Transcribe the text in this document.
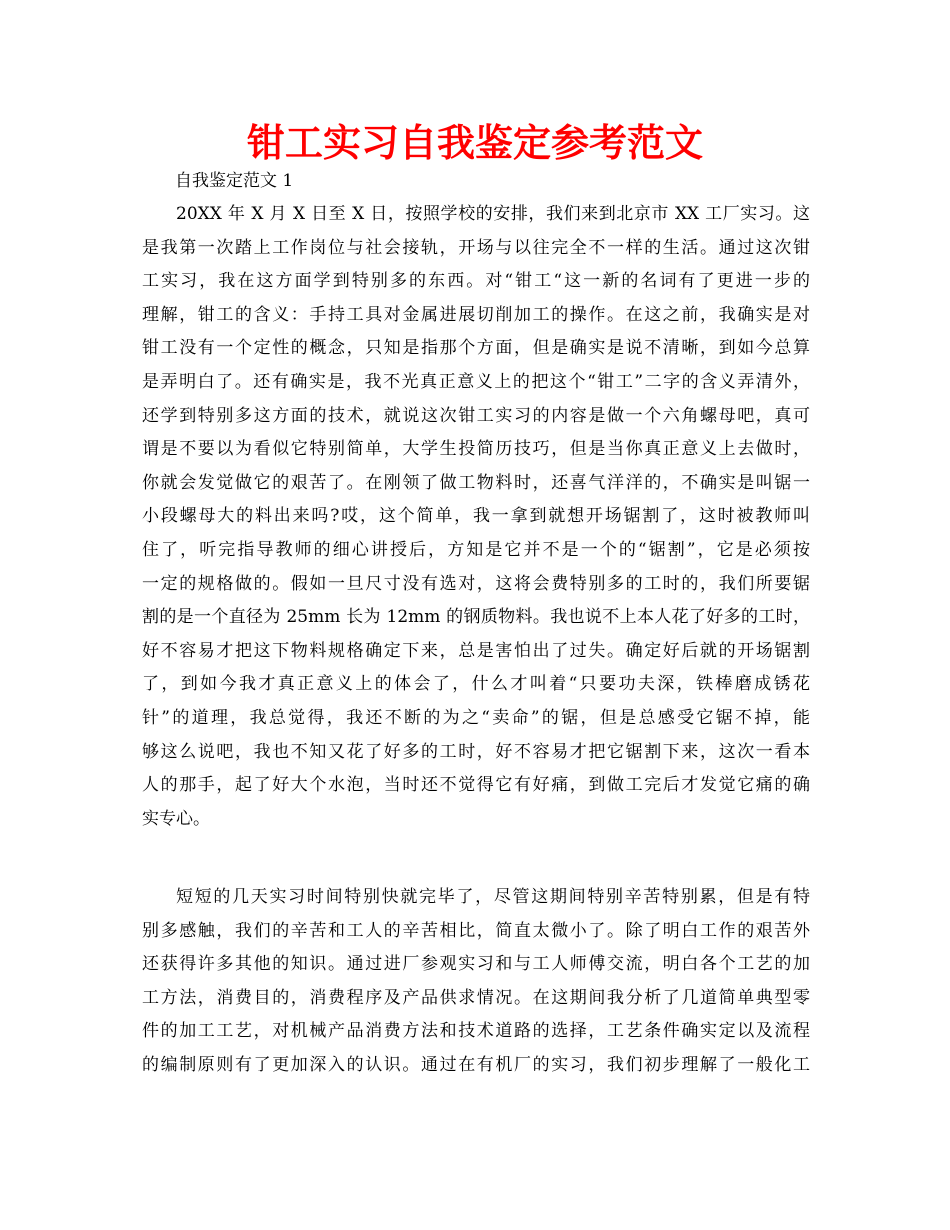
钳工实习自我鉴定参考范文
自我鉴定范文 1
20XX 年 X 月 X 日至 X 日，按照学校的安排，我们来到北京市 XX 工厂实习。这
是我第一次踏上工作岗位与社会接轨，开场与以往完全不一样的生活。通过这次钳
工实习，我在这方面学到特别多的东西。对“钳工“这一新的名词有了更进一步的
理解，钳工的含义：手持工具对金属进展切削加工的操作。在这之前，我确实是对
钳工没有一个定性的概念，只知是指那个方面，但是确实是说不清晰，到如今总算
是弄明白了。还有确实是，我不光真正意义上的把这个“钳工”二字的含义弄清外，
还学到特别多这方面的技术，就说这次钳工实习的内容是做一个六角螺母吧，真可
谓是不要以为看似它特别简单，大学生投简历技巧，但是当你真正意义上去做时，
你就会发觉做它的艰苦了。在刚领了做工物料时，还喜气洋洋的，不确实是叫锯一
小段螺母大的料出来吗?哎，这个简单，我一拿到就想开场锯割了，这时被教师叫
住了，听完指导教师的细心讲授后，方知是它并不是一个的“锯割”，它是必须按
一定的规格做的。假如一旦尺寸没有选对，这将会费特别多的工时的，我们所要锯
割的是一个直径为 25mm 长为 12mm 的钢质物料。我也说不上本人花了好多的工时，
好不容易才把这下物料规格确定下来，总是害怕出了过失。确定好后就的开场锯割
了，到如今我才真正意义上的体会了，什么才叫着“只要功夫深，铁棒磨成锈花
针”的道理，我总觉得，我还不断的为之“卖命”的锯，但是总感受它锯不掉，能
够这么说吧，我也不知又花了好多的工时，好不容易才把它锯割下来，这次一看本
人的那手，起了好大个水泡，当时还不觉得它有好痛，到做工完后才发觉它痛的确
实专心。
短短的几天实习时间特别快就完毕了，尽管这期间特别辛苦特别累，但是有特
别多感触，我们的辛苦和工人的辛苦相比，简直太微小了。除了明白工作的艰苦外
还获得许多其他的知识。通过进厂参观实习和与工人师傅交流，明白各个工艺的加
工方法，消费目的，消费程序及产品供求情况。在这期间我分析了几道简单典型零
件的加工工艺，对机械产品消费方法和技术道路的选择，工艺条件确实定以及流程
的编制原则有了更加深入的认识。通过在有机厂的实习，我们初步理解了一般化工
